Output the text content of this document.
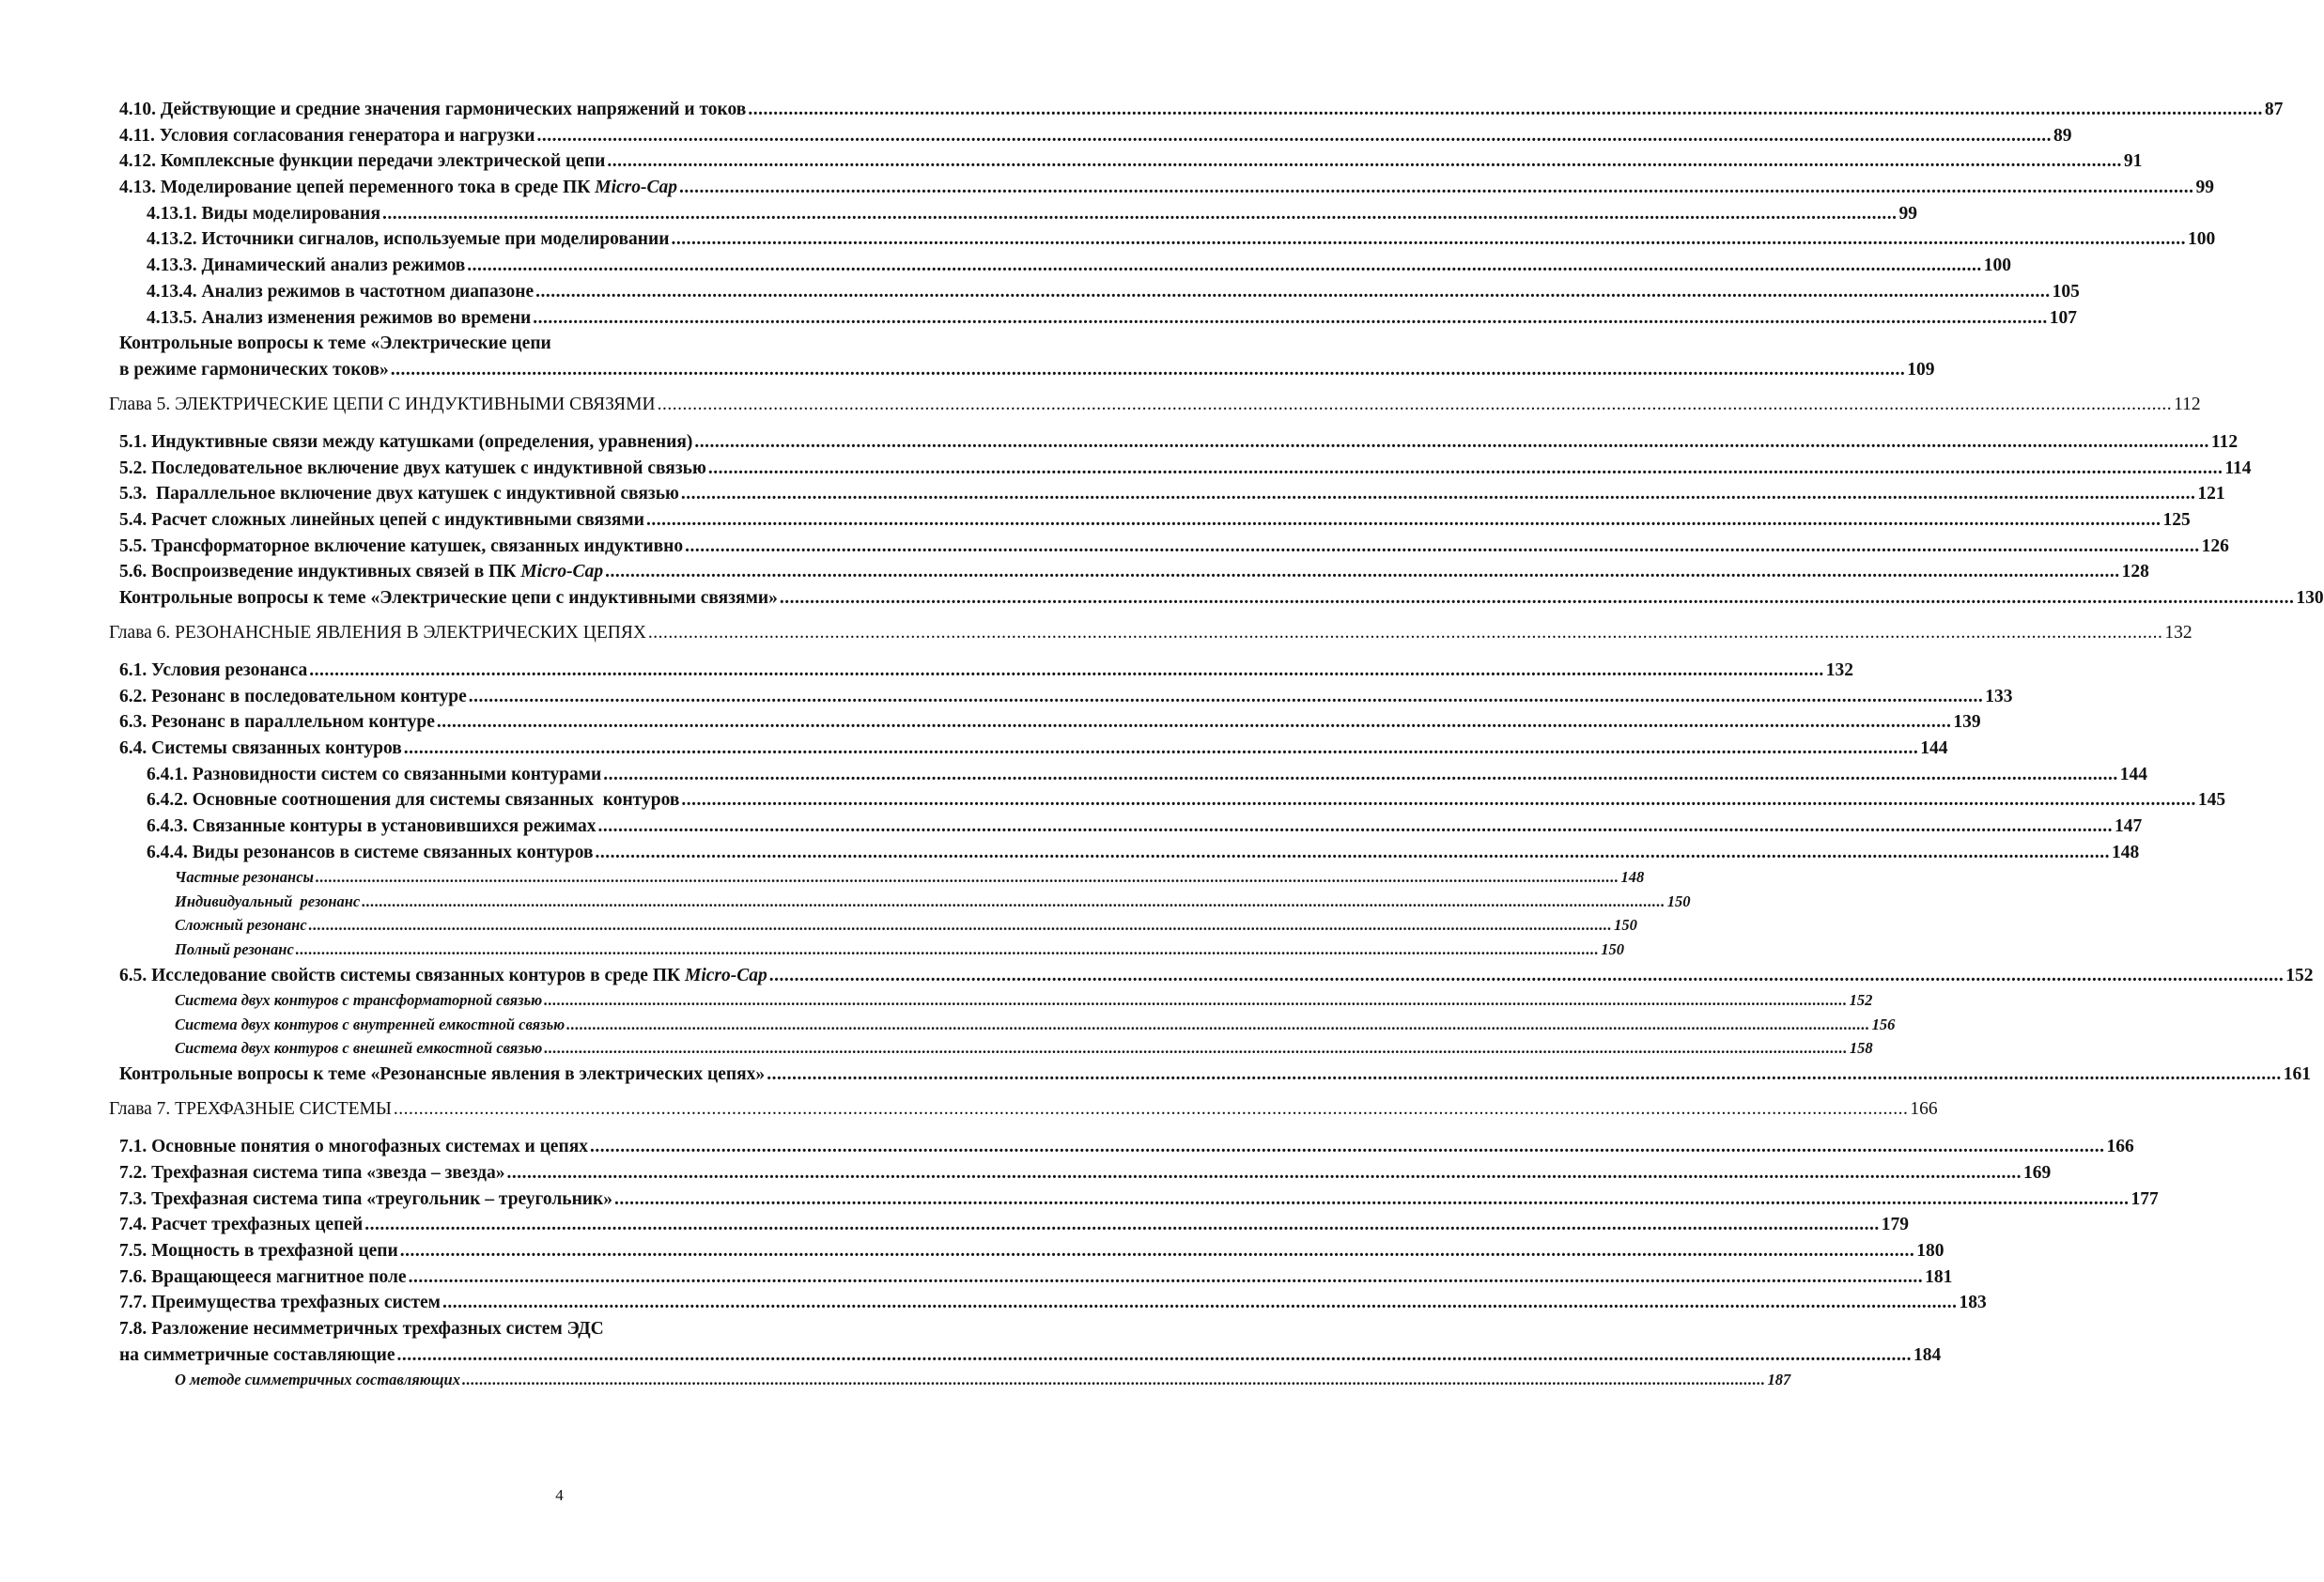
4.10. Действующие и средние значения гармонических напряжений и токов ............................................................................................................................................................................................................................................................................................................ 87
4.11. Условия согласования генератора и нагрузки ............................................................................................................................................................................................................................................................................................................ 89
4.12. Комплексные функции передачи электрической цепи ............................................................................................................................................................................................................................................................................................................ 91
4.13. Моделирование цепей переменного тока в среде ПК Micro-Cap ............................................................................................................................................................................................................................................................................................................ 99
4.13.1. Виды моделирования ............................................................................................................................................................................................................................................................................................................ 99
4.13.2. Источники сигналов, используемые при моделировании ............................................................................................................................................................................................................................................................................................................ 100
4.13.3. Динамический анализ режимов ............................................................................................................................................................................................................................................................................................................ 100
4.13.4. Анализ режимов в частотном диапазоне ............................................................................................................................................................................................................................................................................................................ 105
4.13.5. Анализ изменения режимов во времени ............................................................................................................................................................................................................................................................................................................ 107
Контрольные вопросы к теме «Электрические цепи
в режиме гармонических токов» ............................................................................................................................................................................................................................................................................................................ 109
Глава 5. ЭЛЕКТРИЧЕСКИЕ ЦЕПИ С ИНДУКТИВНЫМИ СВЯЗЯМИ ............................................................................................................................................................................................................................................................................................................ 112
5.1. Индуктивные связи между катушками (определения, уравнения) ............................................................................................................................................................................................................................................................................................................ 112
5.2. Последовательное включение двух катушек с индуктивной связью ............................................................................................................................................................................................................................................................................................................ 114
5.3.  Параллельное включение двух катушек с индуктивной связью ............................................................................................................................................................................................................................................................................................................ 121
5.4. Расчет сложных линейных цепей с индуктивными связями ............................................................................................................................................................................................................................................................................................................ 125
5.5. Трансформаторное включение катушек, связанных индуктивно ............................................................................................................................................................................................................................................................................................................ 126
5.6. Воспроизведение индуктивных связей в ПК Micro-Cap ............................................................................................................................................................................................................................................................................................................ 128
Контрольные вопросы к теме «Электрические цепи с индуктивными связями» ............................................................................................................................................................................................................................................................................................................ 130
Глава 6. РЕЗОНАНСНЫЕ ЯВЛЕНИЯ В ЭЛЕКТРИЧЕСКИХ ЦЕПЯХ ............................................................................................................................................................................................................................................................................................................ 132
6.1. Условия резонанса ............................................................................................................................................................................................................................................................................................................ 132
6.2. Резонанс в последовательном контуре ............................................................................................................................................................................................................................................................................................................ 133
6.3. Резонанс в параллельном контуре ............................................................................................................................................................................................................................................................................................................ 139
6.4. Системы связанных контуров ............................................................................................................................................................................................................................................................................................................ 144
6.4.1. Разновидности систем со связанными контурами ............................................................................................................................................................................................................................................................................................................ 144
6.4.2. Основные соотношения для системы связанных  контуров ............................................................................................................................................................................................................................................................................................................ 145
6.4.3. Связанные контуры в установившихся режимах ............................................................................................................................................................................................................................................................................................................ 147
6.4.4. Виды резонансов в системе связанных контуров ............................................................................................................................................................................................................................................................................................................ 148
Частные резонансы ............................................................................................................................................................................................................................................................................................................ 148
Индивидуальный  резонанс ............................................................................................................................................................................................................................................................................................................ 150
Сложный резонанс ............................................................................................................................................................................................................................................................................................................ 150
Полный резонанс ............................................................................................................................................................................................................................................................................................................ 150
6.5. Исследование свойств системы связанных контуров в среде ПК Micro-Cap ............................................................................................................................................................................................................................................................................................................ 152
Система двух контуров с трансформаторной связью ............................................................................................................................................................................................................................................................................................................ 152
Система двух контуров с внутренней емкостной связью ............................................................................................................................................................................................................................................................................................................ 156
Система двух контуров с внешней емкостной связью ............................................................................................................................................................................................................................................................................................................ 158
Контрольные вопросы к теме «Резонансные явления в электрических цепях» ............................................................................................................................................................................................................................................................................................................ 161
Глава 7. ТРЕХФАЗНЫЕ СИСТЕМЫ ............................................................................................................................................................................................................................................................................................................ 166
7.1. Основные понятия о многофазных системах и цепях ............................................................................................................................................................................................................................................................................................................ 166
7.2. Трехфазная система типа «звезда – звезда» ............................................................................................................................................................................................................................................................................................................ 169
7.3. Трехфазная система типа «треугольник – треугольник» ............................................................................................................................................................................................................................................................................................................ 177
7.4. Расчет трехфазных цепей ............................................................................................................................................................................................................................................................................................................ 179
7.5. Мощность в трехфазной цепи ............................................................................................................................................................................................................................................................................................................ 180
7.6. Вращающееся магнитное поле ............................................................................................................................................................................................................................................................................................................ 181
7.7. Преимущества трехфазных систем ............................................................................................................................................................................................................................................................................................................ 183
7.8. Разложение несимметричных трехфазных систем ЭДС
на симметричные составляющие ............................................................................................................................................................................................................................................................................................................ 184
О методе симметричных составляющих ............................................................................................................................................................................................................................................................................................................ 187
4
